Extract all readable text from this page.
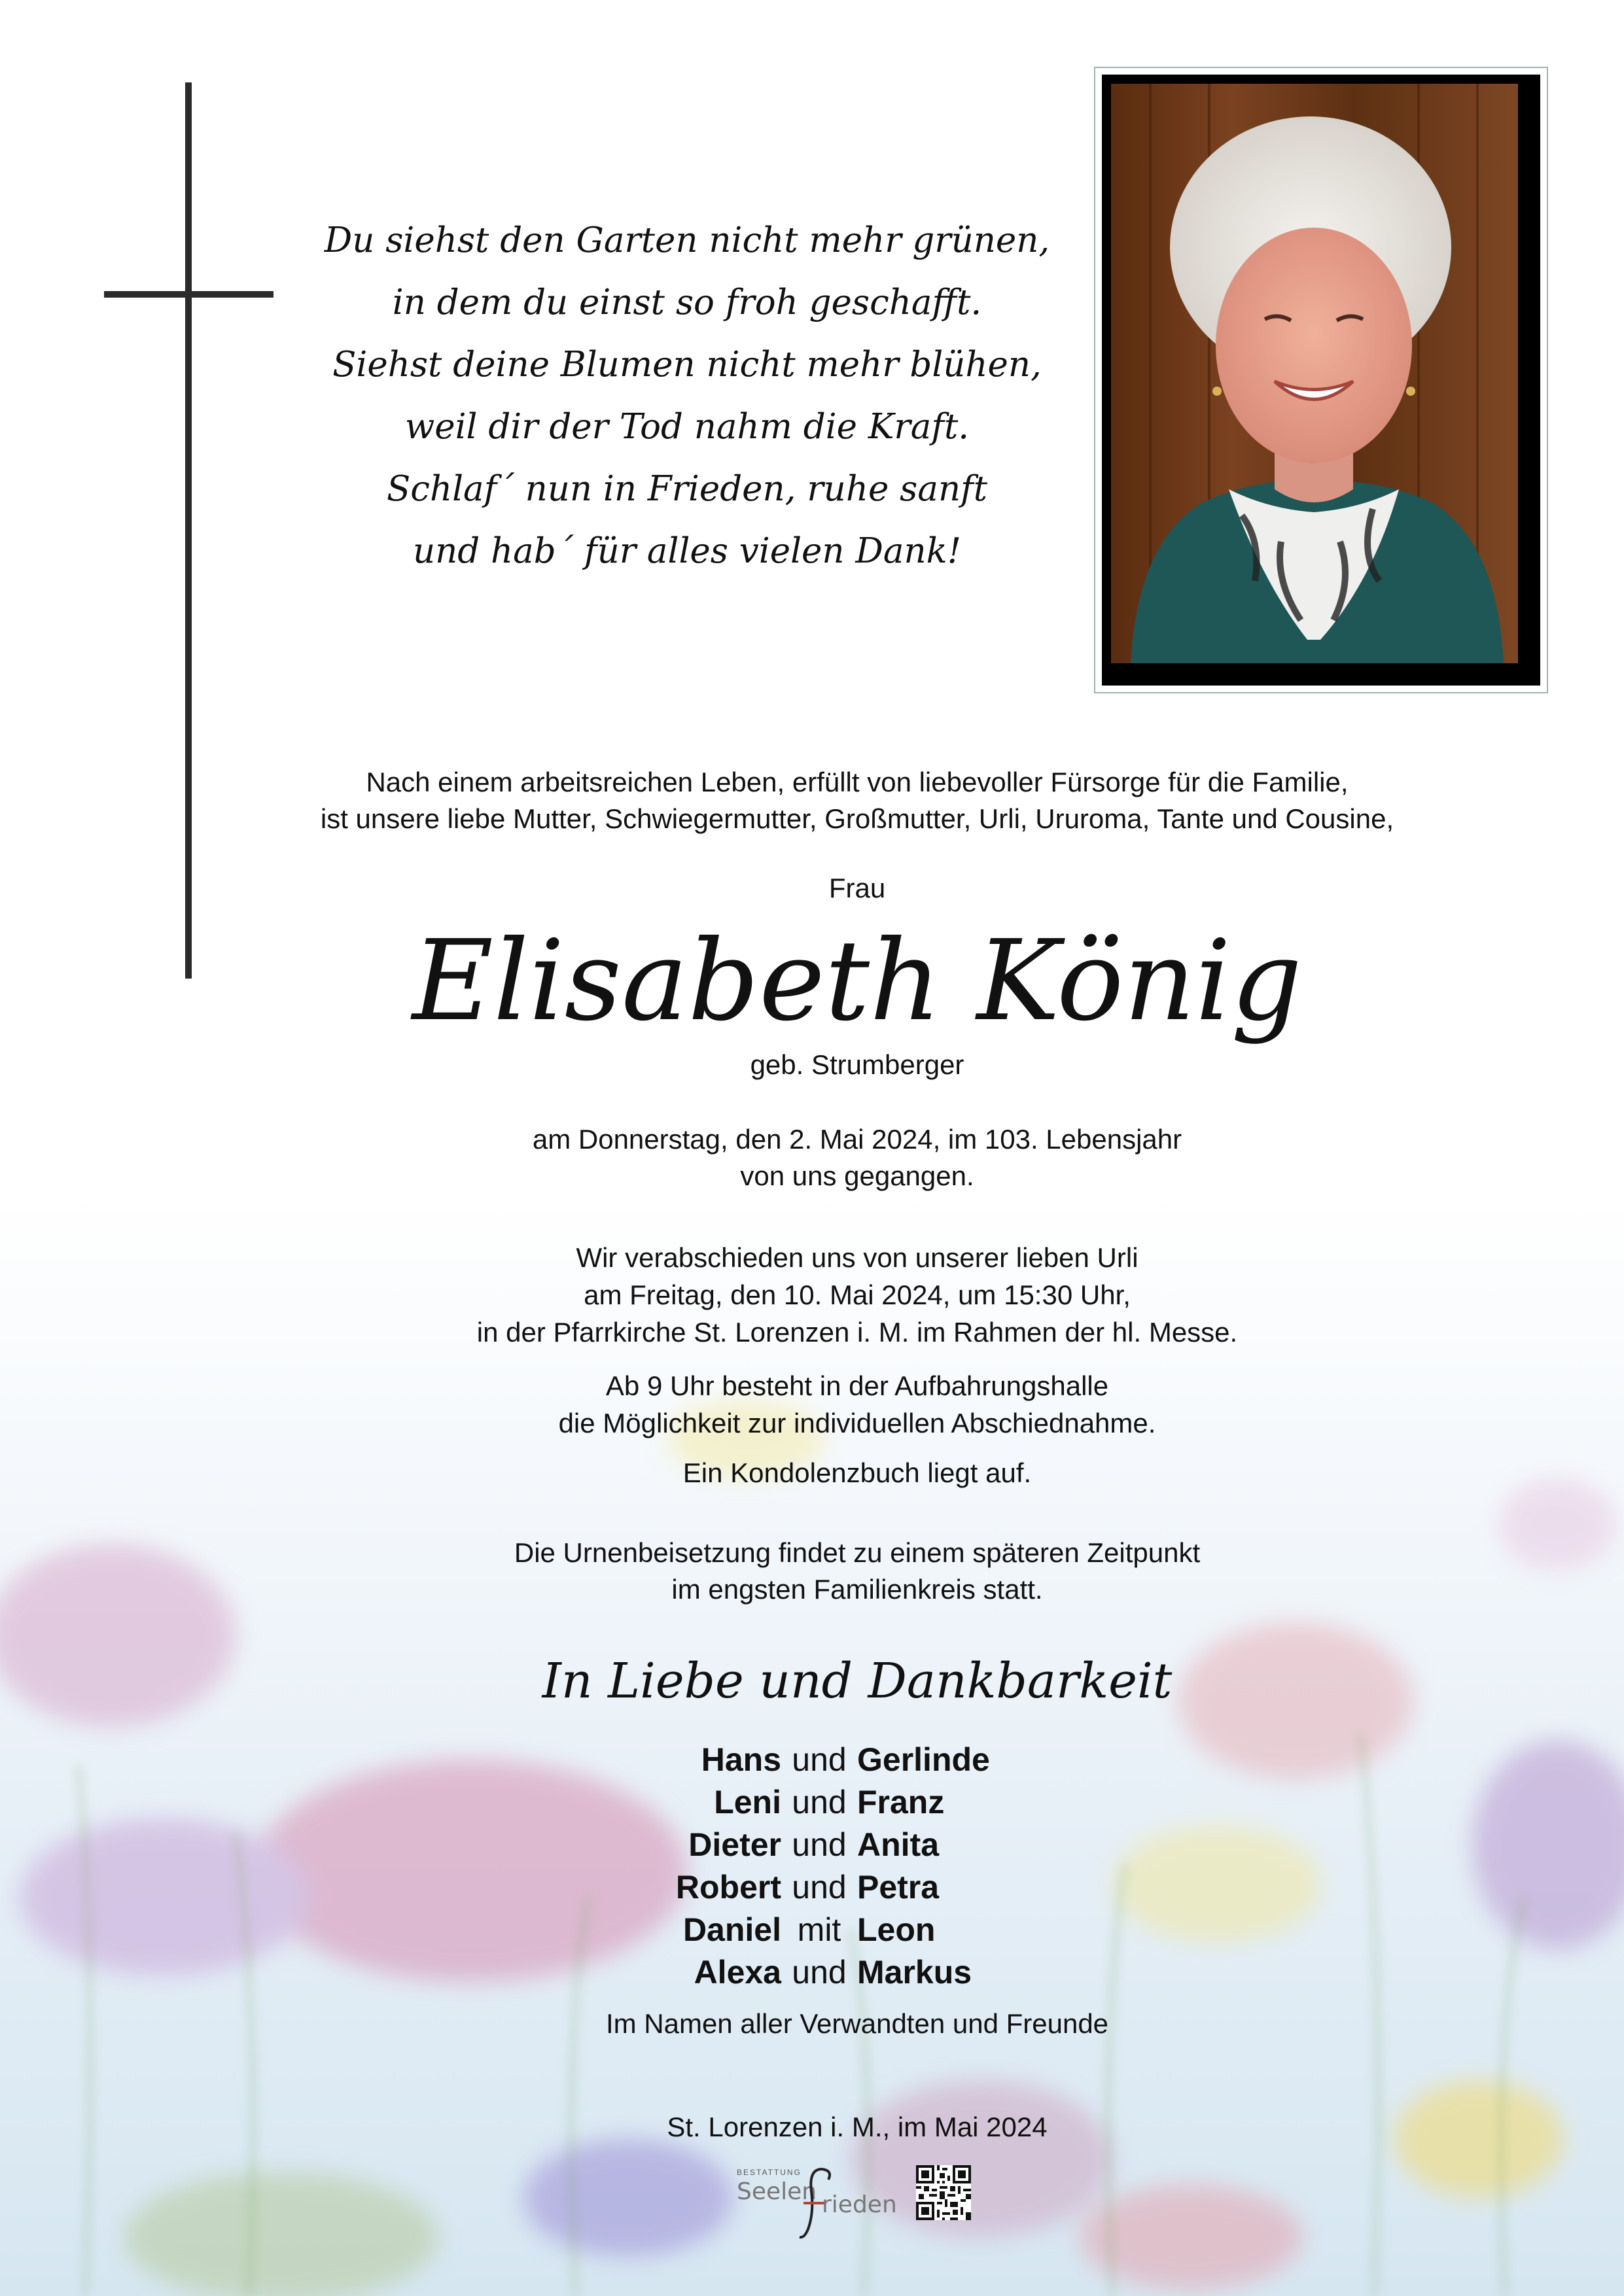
Du siehst den Garten nicht mehr grünen,
in dem du einst so froh geschafft.
Siehst deine Blumen nicht mehr blühen,
weil dir der Tod nahm die Kraft.
Schlaf´ nun in Frieden, ruhe sanft
und hab´ für alles vielen Dank!
Nach einem arbeitsreichen Leben, erfüllt von liebevoller Fürsorge für die Familie,
ist unsere liebe Mutter, Schwiegermutter, Großmutter, Urli, Ururoma, Tante und Cousine,
Frau
Elisabeth König
geb. Strumberger
am Donnerstag, den 2. Mai 2024, im 103. Lebensjahr
von uns gegangen.
Wir verabschieden uns von unserer lieben Urli
am Freitag, den 10. Mai 2024, um 15:30 Uhr,
in der Pfarrkirche St. Lorenzen i. M. im Rahmen der hl. Messe.
Ab 9 Uhr besteht in der Aufbahrungshalle
die Möglichkeit zur individuellen Abschiednahme.
Ein Kondolenzbuch liegt auf.
Die Urnenbeisetzung findet zu einem späteren Zeitpunkt
im engsten Familienkreis statt.
In Liebe und Dankbarkeit
Hans und Gerlinde
Leni und Franz
Dieter und Anita
Robert und Petra
Daniel mit Leon
Alexa und Markus
Im Namen aller Verwandten und Freunde
St. Lorenzen i. M., im Mai 2024
BESTATTUNG
Seelen rieden
